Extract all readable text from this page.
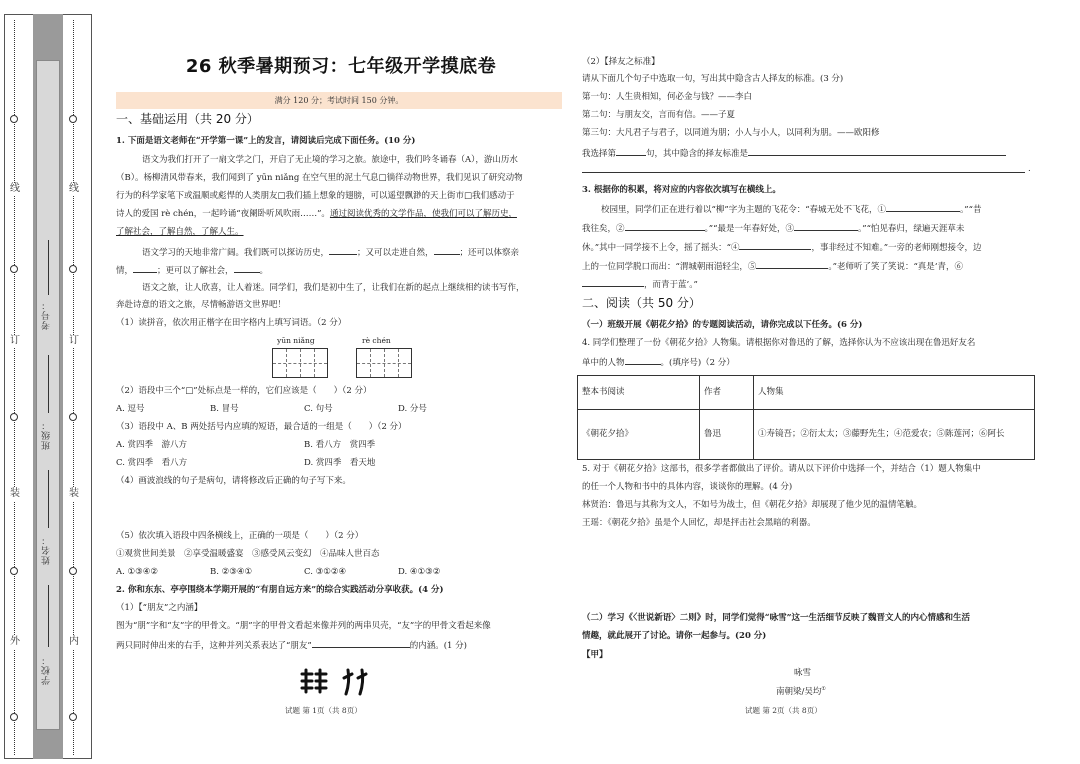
线
订
装
外
线
订
装
内
考号：
班级：
姓名：
学校：
26 秋季暑期预习：七年级开学摸底卷
满分 120 分；考试时间 150 分钟。
一、基础运用（共 20 分）
1. 下面是语文老师在“开学第一课”上的发言，请阅读后完成下面任务。(10 分)
语文为我们打开了一扇文学之门，开启了无止境的学习之旅。旅途中，我们吟冬诵春（A），游山历水
（B）。杨柳清风带春来，我们闻到了 yūn niǎng 在空气里的泥土气息□徜徉动物世界，我们见识了研究动物
行为的科学家笔下或温顺或彪悍的人类朋友□我们插上想象的翅膀，可以遥望飘渺的天上街市□我们感动于
诗人的爱国 rè chén，一起吟诵“夜阑卧听风吹雨……”。通过阅读优秀的文学作品，使我们可以了解历史，
了解社会，了解自然，了解人生。
语文学习的天地非常广阔。我们既可以探访历史，	；又可以走进自然，	；还可以体察亲
情，	；更可以了解社会，	。
语文之旅，让人欣喜，让人着迷。同学们，我们是初中生了，让我们在新的起点上继续相约读书写作，
奔赴诗意的语文之旅，尽情畅游语文世界吧！
（1）读拼音，依次用正楷字在田字格内上填写词语。（2 分）
yūn niǎng	rè chén
（2）语段中三个“□”处标点是一样的，它们应该是（　　）（2 分）
A. 逗号	B. 冒号	C. 句号	D. 分号
（3）语段中 A、B 两处括号内应填的短语，最合适的一组是（　　）（2 分）
A. 赏四季　游八方	B. 看八方　赏四季
C. 赏四季　看八方	D. 赏四季　看天地
（4）画波浪线的句子是病句，请将修改后正确的句子写下来。
（5）依次填入语段中四条横线上，正确的一项是（　　）（2 分）
①观赏世间美景　②享受温暖盛宴　③感受风云变幻　④品味人世百态
A. ①③④②	B. ②③④①	C. ③①②④	D. ④①③②
2. 你和东东、亭亭围绕本学期开展的“有朋自远方来”的综合实践活动分享收获。(4 分)
（1）【“朋友”之内涵】
图为“朋”字和“友”字的甲骨文。“朋”字的甲骨文看起来像并列的两串贝壳，“友”字的甲骨文看起来像
两只同时伸出来的右手，这种并列关系表达了“朋友”	的内涵。(1 分)
试题 第 1页（共 8页）
（2）【择友之标准】
请从下面几个句子中选取一句，写出其中隐含古人择友的标准。(3 分)
第一句：人生贵相知，何必金与钱？——李白
第二句：与朋友交，言而有信。——子夏
第三句：大凡君子与君子，以同道为朋；小人与小人，以同利为朋。——欧阳修
我选择第	句，其中隐含的择友标准是
.
3. 根据你的积累，将对应的内容依次填写在横线上。
校园里，同学们正在进行着以“柳”字为主题的飞花令：“春城无处不飞花，①	。”“昔
我往矣，②	。”“最是一年春好处，③	。”“怕见春归，绿遍天涯草未
休。”其中一同学接不上令，摇了摇头：“④	，事非经过不知难。”一旁的老师刚想接令，边
上的一位同学脱口而出：“渭城朝雨浥轻尘，⑤	。”老师听了笑了笑说：“真是‘青，⑥
，而青于蓝’。”
二、阅读（共 50 分）
（一）班级开展《朝花夕拾》的专题阅读活动，请你完成以下任务。(6 分)
4. 同学们整理了一份《朝花夕拾》人物集。请根据你对鲁迅的了解，选择你认为不应该出现在鲁迅好友名
单中的人物	。(填序号)（2 分）
整本书阅读	作者	人物集
《朝花夕拾》	鲁迅	①寿镜吾；②衍太太；③藤野先生；④范爱农；⑤陈莲河；⑥阿长
5. 对于《朝花夕拾》这部书，很多学者都做出了评价。请从以下评价中选择一个，并结合（1）题人物集中
的任一个人物和书中的具体内容，谈谈你的理解。(4 分)
林贤治：鲁迅与其称为文人，不如号为战士，但《朝花夕拾》却展现了他少见的温情笔触。
王瑶：《朝花夕拾》虽是个人回忆，却是抨击社会黑暗的利器。
（二）学习《〈世说新语〉二则》时，同学们觉得“咏雪”这一生活细节反映了魏晋文人的内心情感和生活
情趣，就此展开了讨论。请你一起参与。(20 分)
【甲】
咏雪
南朝梁/吴均①
试题 第 2页（共 8页）
